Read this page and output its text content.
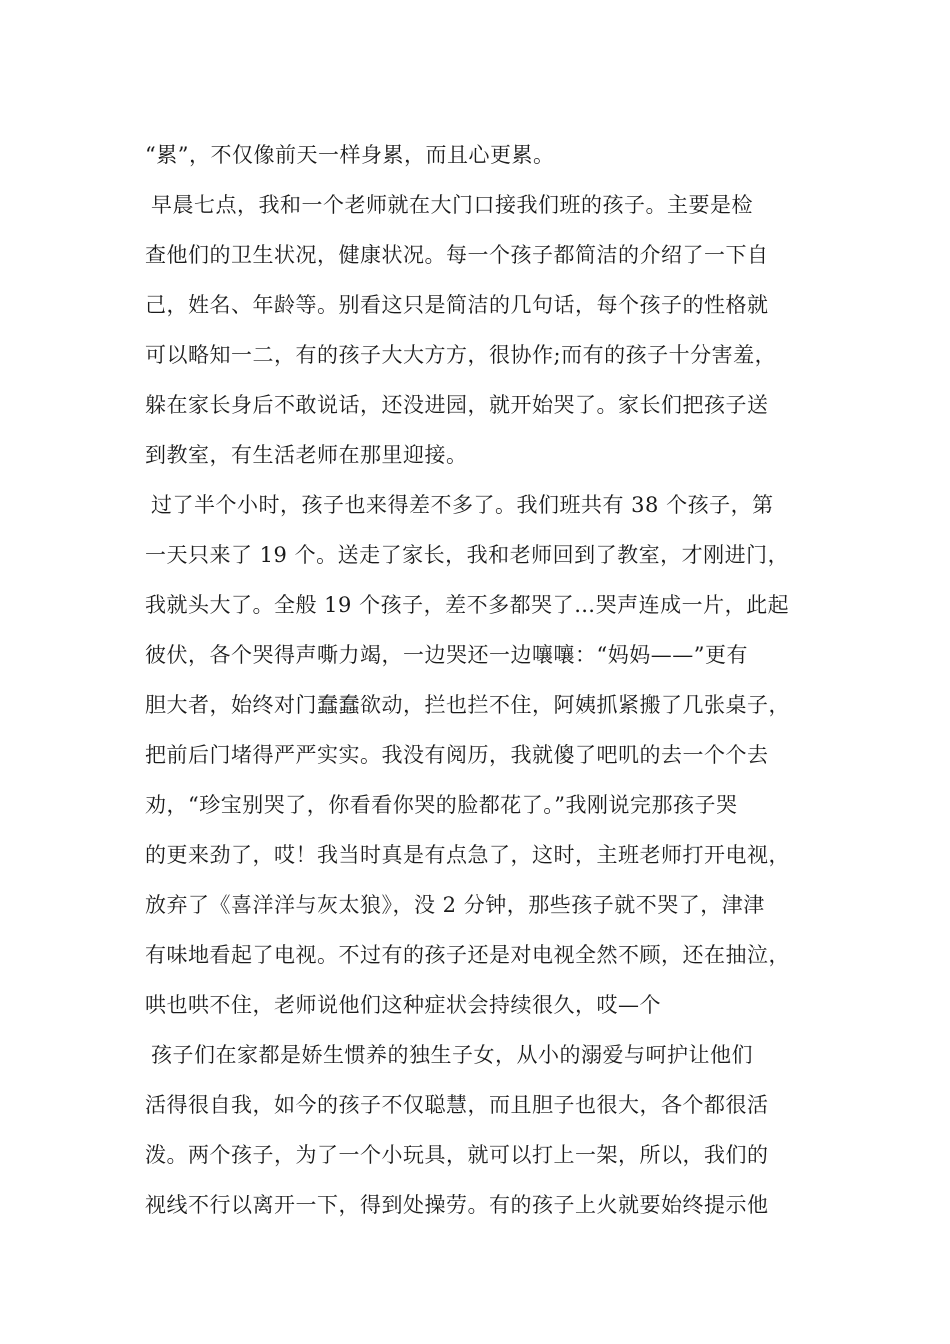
“累”，不仅像前天一样身累，而且心更累。
早晨七点，我和一个老师就在大门口接我们班的孩子。主要是检
查他们的卫生状况，健康状况。每一个孩子都简洁的介绍了一下自
己，姓名、年龄等。别看这只是简洁的几句话，每个孩子的性格就
可以略知一二，有的孩子大大方方，很协作;而有的孩子十分害羞，
躲在家长身后不敢说话，还没进园，就开始哭了。家长们把孩子送
到教室，有生活老师在那里迎接。
过了半个小时，孩子也来得差不多了。我们班共有 38 个孩子，第
一天只来了 19 个。送走了家长，我和老师回到了教室，才刚进门，
我就头大了。全般 19 个孩子，差不多都哭了…哭声连成一片，此起
彼伏，各个哭得声嘶力竭，一边哭还一边嚷嚷：“妈妈——”更有
胆大者，始终对门蠢蠢欲动，拦也拦不住，阿姨抓紧搬了几张桌子，
把前后门堵得严严实实。我没有阅历，我就傻了吧叽的去一个个去
劝，“珍宝别哭了，你看看你哭的脸都花了。”我刚说完那孩子哭
的更来劲了，哎！我当时真是有点急了，这时，主班老师打开电视，
放弃了《喜洋洋与灰太狼》，没 2 分钟，那些孩子就不哭了，津津
有味地看起了电视。不过有的孩子还是对电视全然不顾，还在抽泣，
哄也哄不住，老师说他们这种症状会持续很久，哎—个
孩子们在家都是娇生惯养的独生子女，从小的溺爱与呵护让他们
活得很自我，如今的孩子不仅聪慧，而且胆子也很大，各个都很活
泼。两个孩子，为了一个小玩具，就可以打上一架，所以，我们的
视线不行以离开一下，得到处操劳。有的孩子上火就要始终提示他
